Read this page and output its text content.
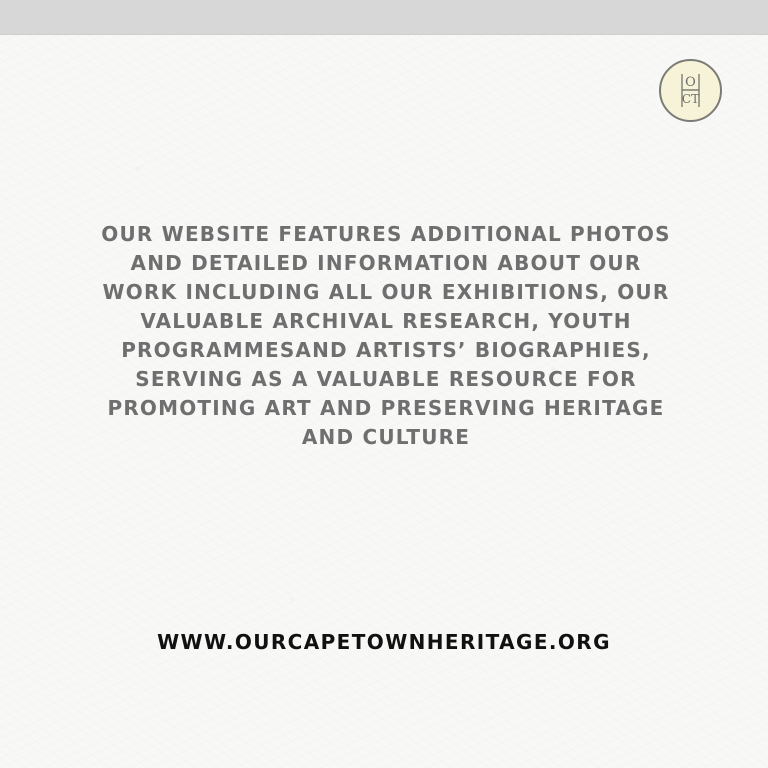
O
CT

OUR WEBSITE FEATURES ADDITIONAL PHOTOS
AND DETAILED INFORMATION ABOUT OUR
WORK INCLUDING ALL OUR EXHIBITIONS, OUR
VALUABLE ARCHIVAL RESEARCH, YOUTH
PROGRAMMESAND ARTISTS’ BIOGRAPHIES,
SERVING AS A VALUABLE RESOURCE FOR
PROMOTING ART AND PRESERVING HERITAGE
AND CULTURE

WWW.OURCAPETOWNHERITAGE.ORG
